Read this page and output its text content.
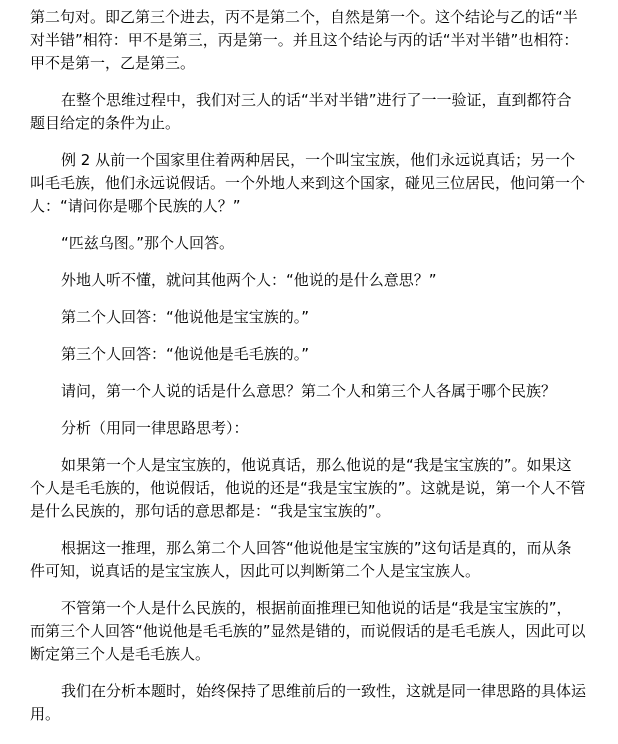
第二句对。即乙第三个进去，丙不是第二个，自然是第一个。这个结论与乙的话“半对半错”相符：甲不是第三，丙是第一。并且这个结论与丙的话“半对半错”也相符：甲不是第一，乙是第三。

在整个思维过程中，我们对三人的话“半对半错”进行了一一验证，直到都符合题目给定的条件为止。

例 2 从前一个国家里住着两种居民，一个叫宝宝族，他们永远说真话；另一个叫毛毛族，他们永远说假话。一个外地人来到这个国家，碰见三位居民，他问第一个人：“请问你是哪个民族的人？”

“匹兹乌图。”那个人回答。

外地人听不懂，就问其他两个人：“他说的是什么意思？”

第二个人回答：“他说他是宝宝族的。”

第三个人回答：“他说他是毛毛族的。”

请问，第一个人说的话是什么意思？第二个人和第三个人各属于哪个民族？

分析（用同一律思路思考）：

如果第一个人是宝宝族的，他说真话，那么他说的是“我是宝宝族的”。如果这个人是毛毛族的，他说假话，他说的还是“我是宝宝族的”。这就是说，第一个人不管是什么民族的，那句话的意思都是：“我是宝宝族的”。

根据这一推理，那么第二个人回答“他说他是宝宝族的”这句话是真的，而从条件可知，说真话的是宝宝族人，因此可以判断第二个人是宝宝族人。

不管第一个人是什么民族的，根据前面推理已知他说的话是“我是宝宝族的”，而第三个人回答“他说他是毛毛族的”显然是错的，而说假话的是毛毛族人，因此可以断定第三个人是毛毛族人。

我们在分析本题时，始终保持了思维前后的一致性，这就是同一律思路的具体运用。
